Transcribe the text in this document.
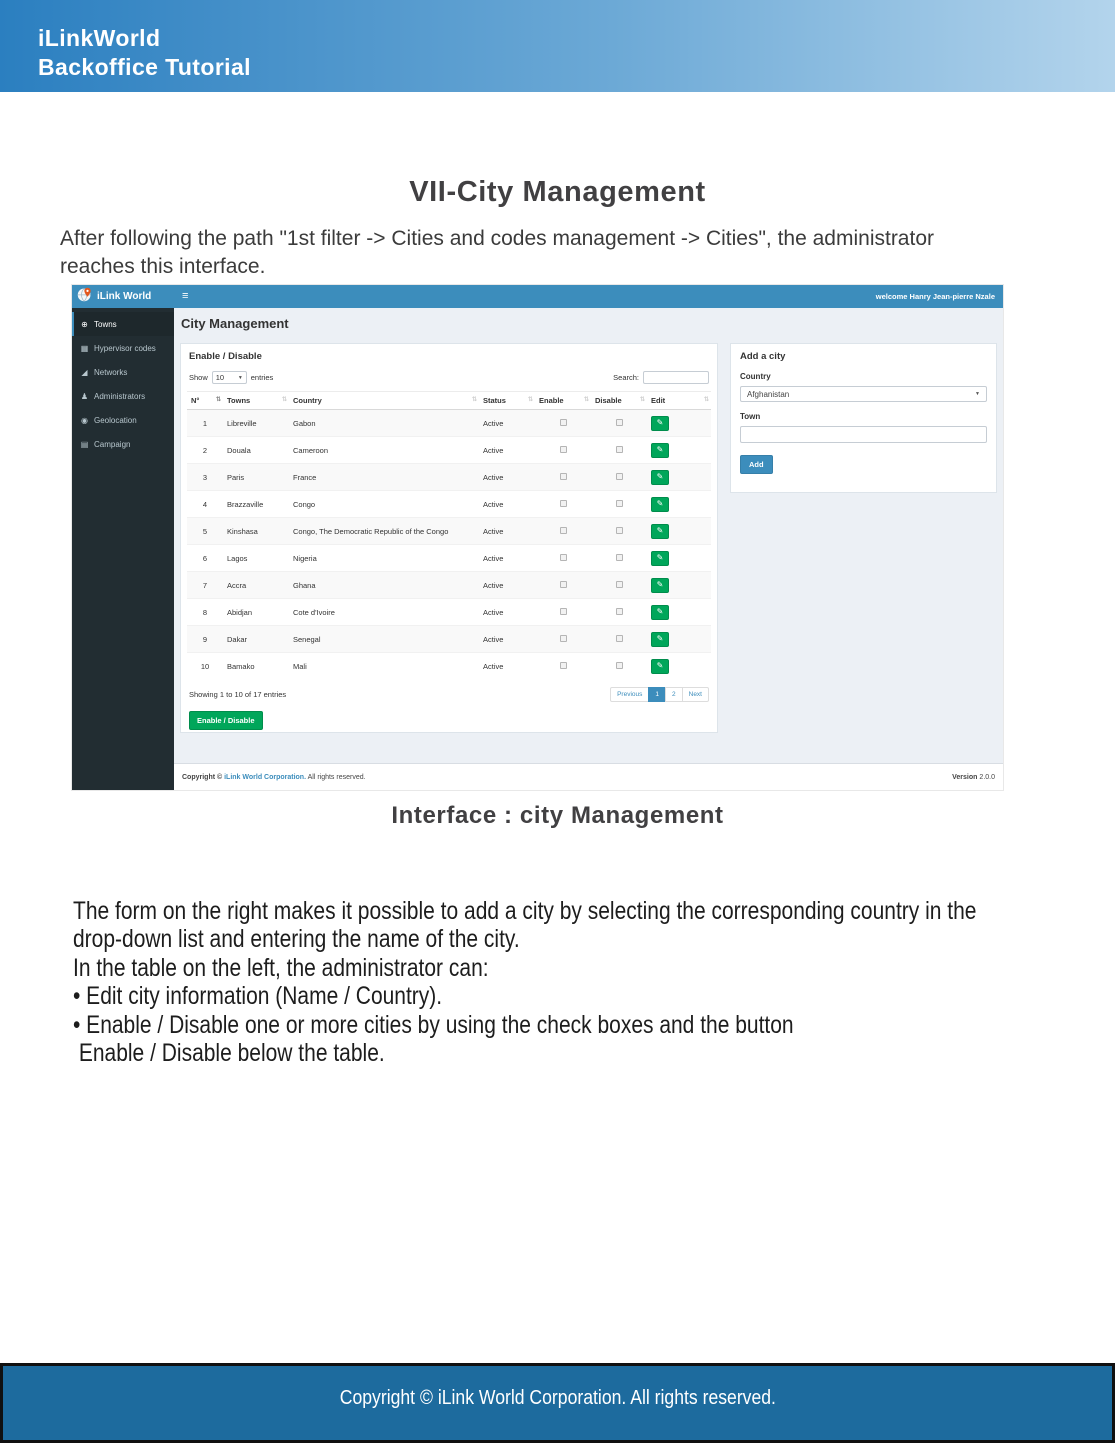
iLinkWorld
Backoffice Tutorial
VII-City Management
After following the path "1st filter -> Cities and codes management -> Cities", the administrator
reaches this interface.
iLink World	≡	welcome Hanry Jean-pierre Nzale
⊕ Towns
▦ Hypervisor codes
◢ Networks
♟ Administrators
◉ Geolocation
▤ Campaign
City Management
Enable / Disable
Show 10	▼ entries	Search:
N° ⇅	Towns ⇅	Country ⇅	Status ⇅	Enable ⇅	Disable ⇅	Edit ⇅

1	Libreville	Gabon	Active			✎
2	Douala	Cameroon	Active			✎
3	Paris	France	Active			✎
4	Brazzaville	Congo	Active			✎
5	Kinshasa	Congo, The Democratic Republic of the Congo	Active			✎
6	Lagos	Nigeria	Active			✎
7	Accra	Ghana	Active			✎
8	Abidjan	Cote d'Ivoire	Active			✎
9	Dakar	Senegal	Active			✎
10	Bamako	Mali	Active			✎
Showing 1 to 10 of 17 entries	Previous	1	2	Next
Enable / Disable
Add a city
Country
Afghanistan	▼
Town
Add
Copyright © iLink World Corporation. All rights reserved.	Version 2.0.0
Interface : city Management
The form on the right makes it possible to add a city by selecting the corresponding country in the
drop-down list and entering the name of the city.
In the table on the left, the administrator can:
• Edit city information (Name / Country).
• Enable / Disable one or more cities by using the check boxes and the button
Enable / Disable below the table.
Copyright © iLink World Corporation. All rights reserved.
